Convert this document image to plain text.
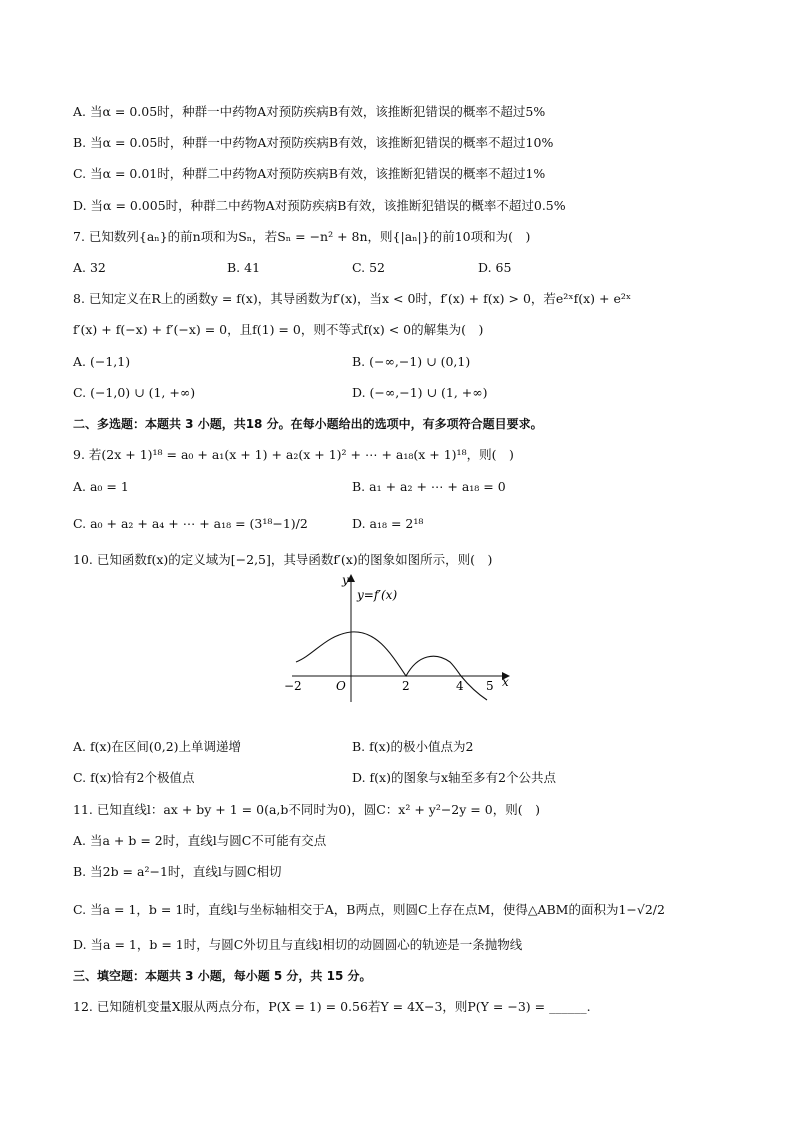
A. 当α = 0.05时，种群一中药物A对预防疾病B有效，该推断犯错误的概率不超过5%
B. 当α = 0.05时，种群一中药物A对预防疾病B有效，该推断犯错误的概率不超过10%
C. 当α = 0.01时，种群二中药物A对预防疾病B有效，该推断犯错误的概率不超过1%
D. 当α = 0.005时，种群二中药物A对预防疾病B有效，该推断犯错误的概率不超过0.5%
7. 已知数列{aₙ}的前n项和为Sₙ，若Sₙ = −n² + 8n，则{|aₙ|}的前10项和为(　)
A. 32	B. 41	C. 52	D. 65
8. 已知定义在R上的函数y = f(x)，其导函数为f′(x)，当x < 0时，f′(x) + f(x) > 0，若e²ˣf(x) + e²ˣ
f′(x) + f(−x) + f′(−x) = 0，且f(1) = 0，则不等式f(x) < 0的解集为(　)
A. (−1,1)	B. (−∞,−1) ∪ (0,1)
C. (−1,0) ∪ (1, +∞)	D. (−∞,−1) ∪ (1, +∞)
二、多选题：本题共 3 小题，共18 分。在每小题给出的选项中，有多项符合题目要求。
9. 若(2x + 1)¹⁸ = a₀ + a₁(x + 1) + a₂(x + 1)² + ⋯ + a₁₈(x + 1)¹⁸，则(　)
A. a₀ = 1	B. a₁ + a₂ + ⋯ + a₁₈ = 0
C. a₀ + a₂ + a₄ + ⋯ + a₁₈ = (3¹⁸−1)/2	D. a₁₈ = 2¹⁸
10. 已知函数f(x)的定义域为[−2,5]，其导函数f′(x)的图象如图所示，则(　)
y
y=f′(x)
x
O
−2	2	4 5
A. f(x)在区间(0,2)上单调递增	B. f(x)的极小值点为2
C. f(x)恰有2个极值点	D. f(x)的图象与x轴至多有2个公共点
11. 已知直线l：ax + by + 1 = 0(a,b不同时为0)，圆C：x² + y²−2y = 0，则(　)
A. 当a + b = 2时，直线l与圆C不可能有交点
B. 当2b = a²−1时，直线l与圆C相切
C. 当a = 1，b = 1时，直线l与坐标轴相交于A，B两点，则圆C上存在点M，使得△ABM的面积为1−√2/2
D. 当a = 1，b = 1时，与圆C外切且与直线l相切的动圆圆心的轨迹是一条抛物线
三、填空题：本题共 3 小题，每小题 5 分，共 15 分。
12. 已知随机变量X服从两点分布，P(X = 1) = 0.56若Y = 4X−3，则P(Y = −3) = ______.
